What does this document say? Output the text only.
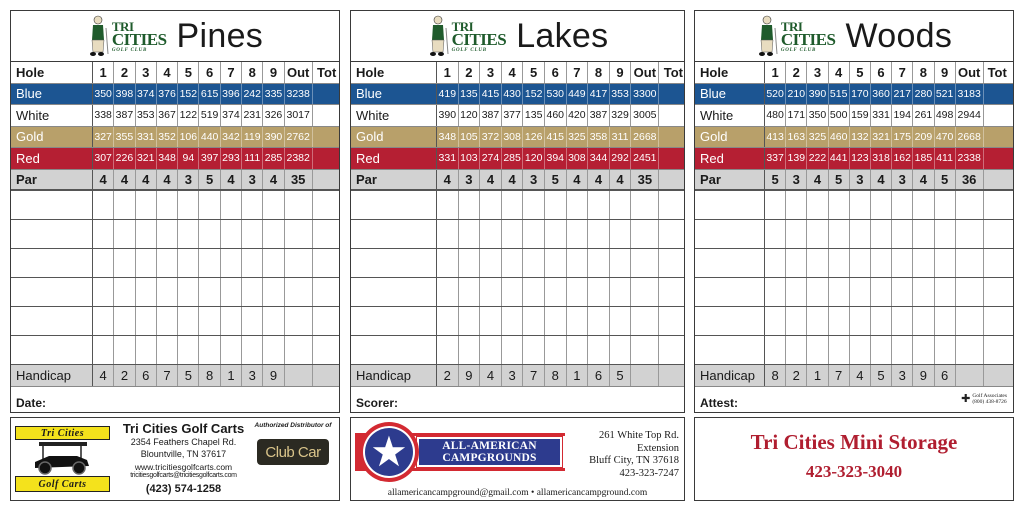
TRI
CITIES
GOLF CLUB Pines
Hole	1	2	3	4	5	6	7	8	9 Out Tot
Blue	350 398 374 376 152 615 396 242 335 3238
White	338 387 353 367 122 519 374 231 326 3017
Gold	327 355 331 352 106 440 342 119 390 2762
Red	307 226 321 348 94 397 293 111 285 2382
Par	4	4	4	4	3	5	4	3	4	35
Handicap	4	2	6	7	5	8	1	3	9
Date:
TRI
CITIES
GOLF CLUB Lakes
Hole	1	2	3	4	5	6	7	8	9 Out Tot
Blue	419 135 415 430 152 530 449 417 353 3300
White	390 120 387 377 135 460 420 387 329 3005
Gold	348 105 372 308 126 415 325 358 311 2668
Red	331 103 274 285 120 394 308 344 292 2451
Par	4	3	4	4	3	5	4	4	4	35
Handicap	2	9	4	3	7	8	1	6	5
Scorer:
TRI
CITIES
GOLF CLUB Woods
Hole	1	2	3	4	5	6	7	8	9 Out Tot
Blue	520 210 390 515 170 360 217 280 521 3183
White	480 171 350 500 159 331 194 261 498 2944
Gold	413 163 325 460 132 321 175 209 470 2668
Red	337 139 222 441 123 318 162 185 411 2338
Par	5	3	4	5	3	4	3	4	5	36
Handicap	8	2	1	7	4	5	3	9	6
Attest:	✚ Golf Associates
(800) 438-8726
Tri Cities
Golf Carts
Tri Cities Golf Carts
2354 Feathers Chapel Rd.
Blountville, TN 37617
www.tricitiesgolfcarts.com
tricitiesgolfcarts@tricitiesgolfcarts.com
(423) 574-1258
Authorized Distributor of
Club Car	ALL-AMERICAN
CAMPGROUNDS
★	261 White Top Rd.
Extension
Bluff City, TN 37618
423-323-7247
allamericancampground@gmail.com • allamericancampground.com
Tri Cities Mini Storage
423-323-3040
